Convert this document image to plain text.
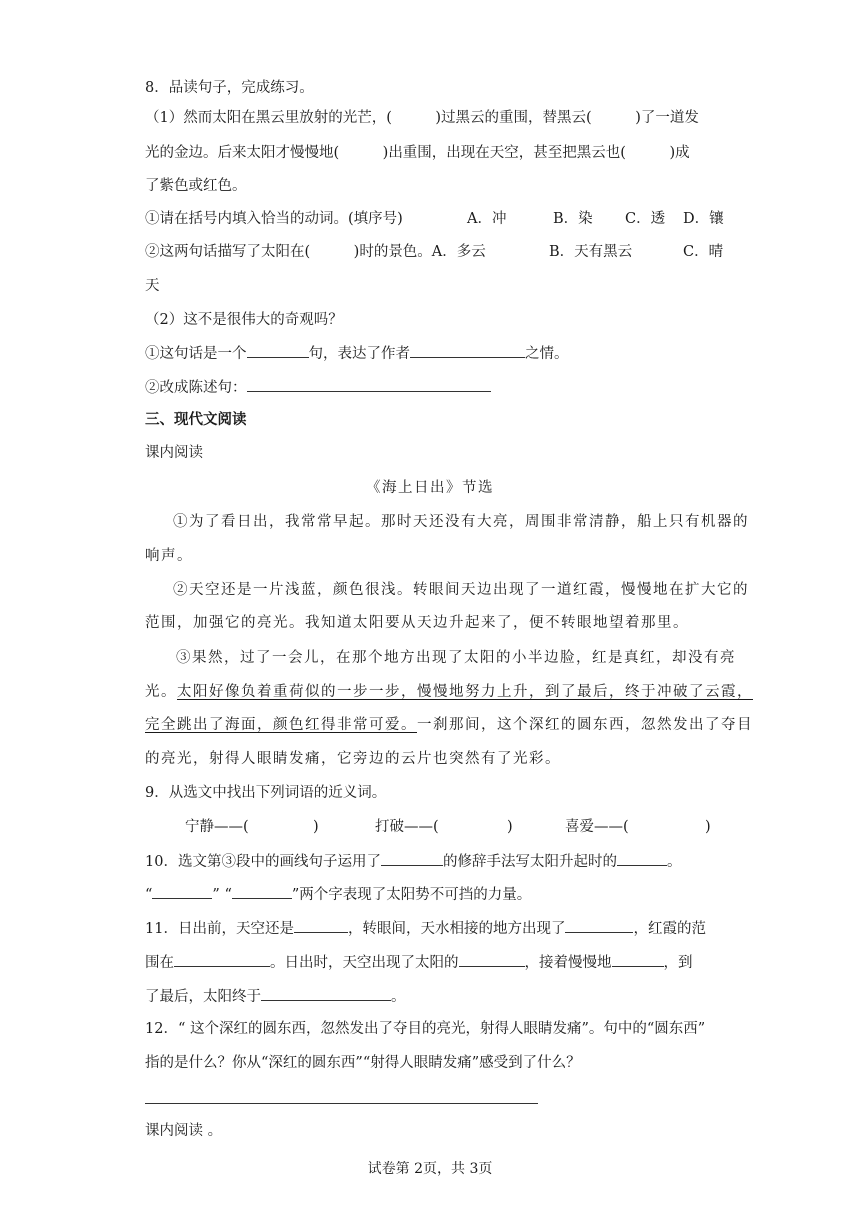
8．品读句子，完成练习。
（1）然而太阳在黑云里放射的光芒，(　　　)过黑云的重围，替黑云(　　　)了一道发
光的金边。后来太阳才慢慢地(　　　)出重围，出现在天空，甚至把黑云也(　　　)成
了紫色或红色。
①请在括号内填入恰当的动词。(填序号)	A．冲	B．染 C．透 D．镶
②这两句话描写了太阳在(　　　)时的景色。A．多云	B．天有黑云	C．晴
天
（2）这不是很伟大的奇观吗？
①这句话是一个	句，表达了作者	之情。
②改成陈述句：
三、现代文阅读
课内阅读
《海上日出》节选
①为了看日出，我常常早起。那时天还没有大亮，周围非常清静，船上只有机器的
响声。
②天空还是一片浅蓝，颜色很浅。转眼间天边出现了一道红霞，慢慢地在扩大它的
范围，加强它的亮光。我知道太阳要从天边升起来了，便不转眼地望着那里。
③果然，过了一会儿，在那个地方出现了太阳的小半边脸，红是真红，却没有亮
光。太阳好像负着重荷似的一步一步，慢慢地努力上升，到了最后，终于冲破了云霞，
完全跳出了海面，颜色红得非常可爱。一刹那间，这个深红的圆东西，忽然发出了夺目
的亮光，射得人眼睛发痛，它旁边的云片也突然有了光彩。
9．从选文中找出下列词语的近义词。
宁静——(	)	打破——(	)	喜爱——(	)
10．选文第③段中的画线句子运用了	的修辞手法写太阳升起时的	。
“	” “	”两个字表现了太阳势不可挡的力量。
11．日出前，天空还是	，转眼间，天水相接的地方出现了	，红霞的范
围在	。日出时，天空出现了太阳的	，接着慢慢地	，到
了最后，太阳终于	。
12．“ 这个深红的圆东西，忽然发出了夺目的亮光，射得人眼睛发痛”。句中的“圆东西”
指的是什么？你从“深红的圆东西”“射得人眼睛发痛”感受到了什么？
课内阅读 。
试卷第 2页，共 3页
